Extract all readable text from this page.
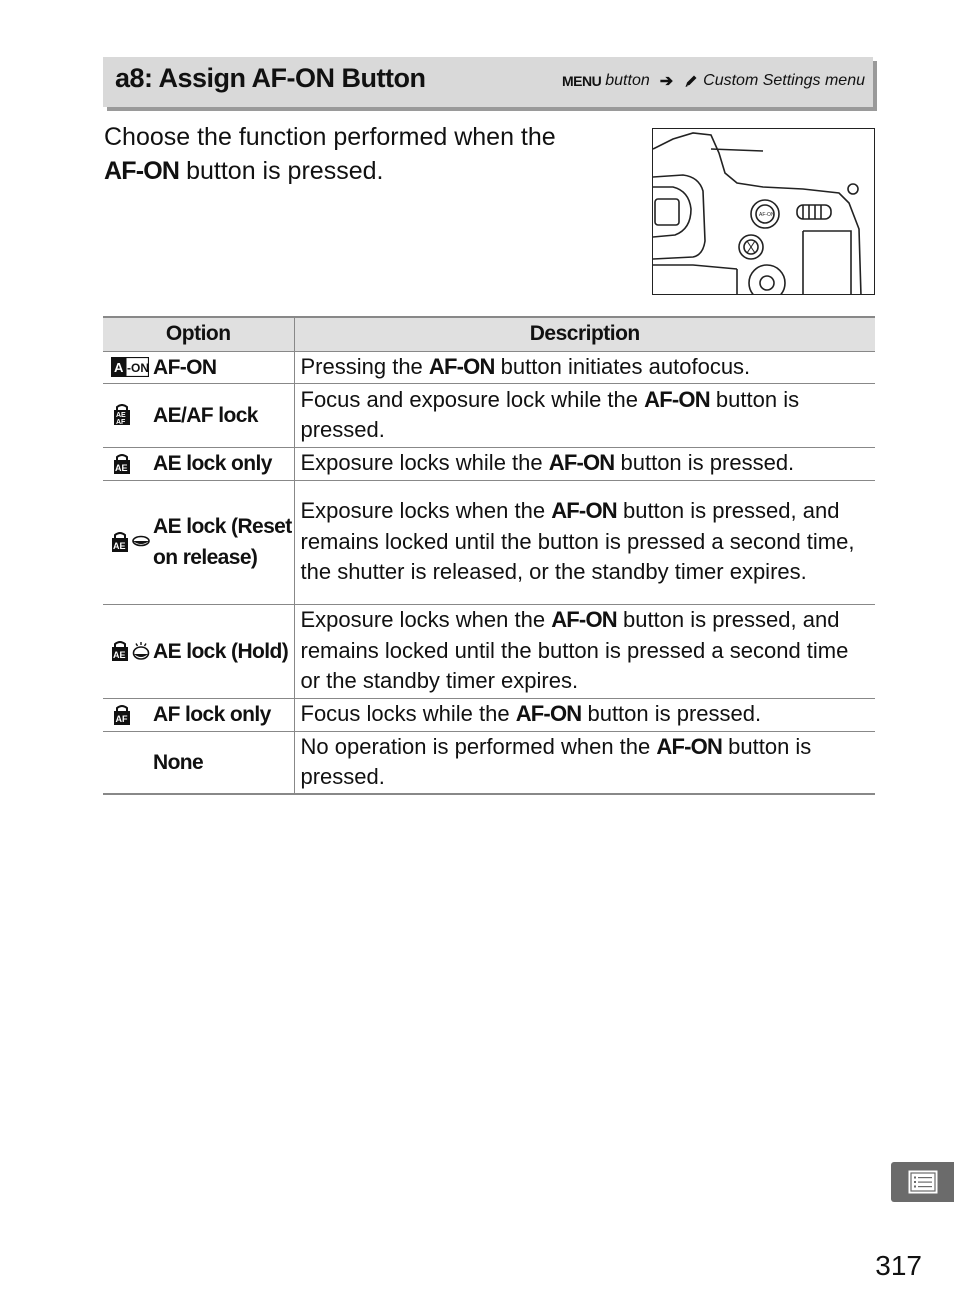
a8: Assign AF-ON Button	MENU button ➔ Custom Settings menu
Choose the function performed when the
AF-ON button is pressed.
AF-ON
Option	Description

A -ON AF-ON	Pressing the AF-ON button initiates autofocus.

AE
AF AE/AF lock	Focus and exposure lock while the AF-ON button is pressed.

AE AE lock only	Exposure locks while the AF-ON button is pressed.

AE
AE lock (Reset on release)	Exposure locks when the AF-ON button is pressed, and remains locked until the button is pressed a second time, the shutter is released, or the standby timer expires.

AE AE lock (Hold)	Exposure locks when the AF-ON button is pressed, and remains locked until the button is pressed a second time or the standby timer expires.

AF AF lock only	Focus locks while the AF-ON button is pressed.

None	No operation is performed when the AF-ON button is pressed.
317
